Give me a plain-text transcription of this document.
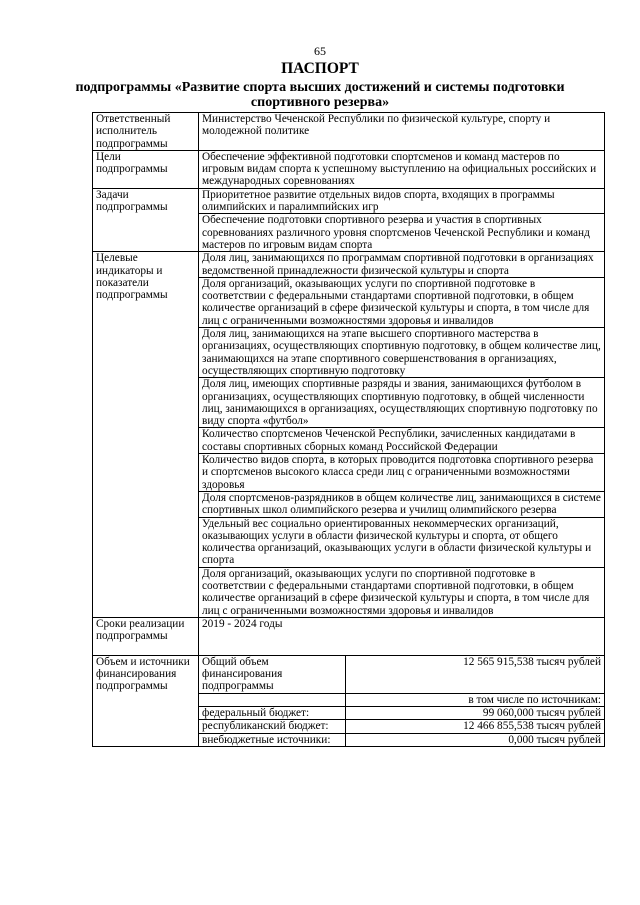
65
ПАСПОРТ
подпрограммы «Развитие спорта высших достижений и системы подготовки спортивного резерва»
Ответственный исполнитель подпрограммы	Министерство Чеченской Республики по физической культуре, спорту и молодежной политике
Цели подпрограммы	Обеспечение эффективной подготовки спортсменов и команд мастеров по игровым видам спорта к успешному выступлению на официальных российских и международных соревнованиях
Задачи подпрограммы	Приоритетное развитие отдельных видов спорта, входящих в программы олимпийских и паралимпийских игр
Обеспечение подготовки спортивного резерва и участия в спортивных соревнованиях различного уровня спортсменов Чеченской Республики и команд мастеров по игровым видам спорта
Целевые индикаторы и показатели подпрограммы	Доля лиц, занимающихся по программам спортивной подготовки в организациях ведомственной принадлежности физической культуры и спорта
Доля организаций, оказывающих услуги по спортивной подготовке в соответствии с федеральными стандартами спортивной подготовки, в общем количестве организаций в сфере физической культуры и спорта, в том числе для лиц с ограниченными возможностями здоровья и инвалидов
Доля лиц, занимающихся на этапе высшего спортивного мастерства в организациях, осуществляющих спортивную подготовку, в общем количестве лиц, занимающихся на этапе спортивного совершенствования в организациях, осуществляющих спортивную подготовку
Доля лиц, имеющих спортивные разряды и звания, занимающихся футболом в организациях, осуществляющих спортивную подготовку, в общей численности лиц, занимающихся в организациях, осуществляющих спортивную подготовку по виду спорта «футбол»
Количество спортсменов Чеченской Республики, зачисленных кандидатами в составы спортивных сборных команд Российской Федерации
Количество видов спорта, в которых проводится подготовка спортивного резерва и спортсменов высокого класса среди лиц с ограниченными возможностями здоровья
Доля спортсменов-разрядников в общем количестве лиц, занимающихся в системе спортивных школ олимпийского резерва и училищ олимпийского резерва
Удельный вес социально ориентированных некоммерческих организаций, оказывающих услуги в области физической культуры и спорта, от общего количества организаций, оказывающих услуги в области физической культуры и спорта
Доля организаций, оказывающих услуги по спортивной подготовке в соответствии с федеральными стандартами спортивной подготовки, в общем количестве организаций в сфере физической культуры и спорта, в том числе для лиц с ограниченными возможностями здоровья и инвалидов
Сроки реализации подпрограммы	2019 - 2024 годы
Объем и источники финансирования подпрограммы	
Общий объем финансирования подпрограммы	12 565 915,538 тысяч рублей
	в том числе по источникам:
федеральный бюджет:	99 060,000 тысяч рублей
республиканский бюджет:	12 466 855,538 тысяч рублей
внебюджетные источники:	0,000 тысяч рублей
